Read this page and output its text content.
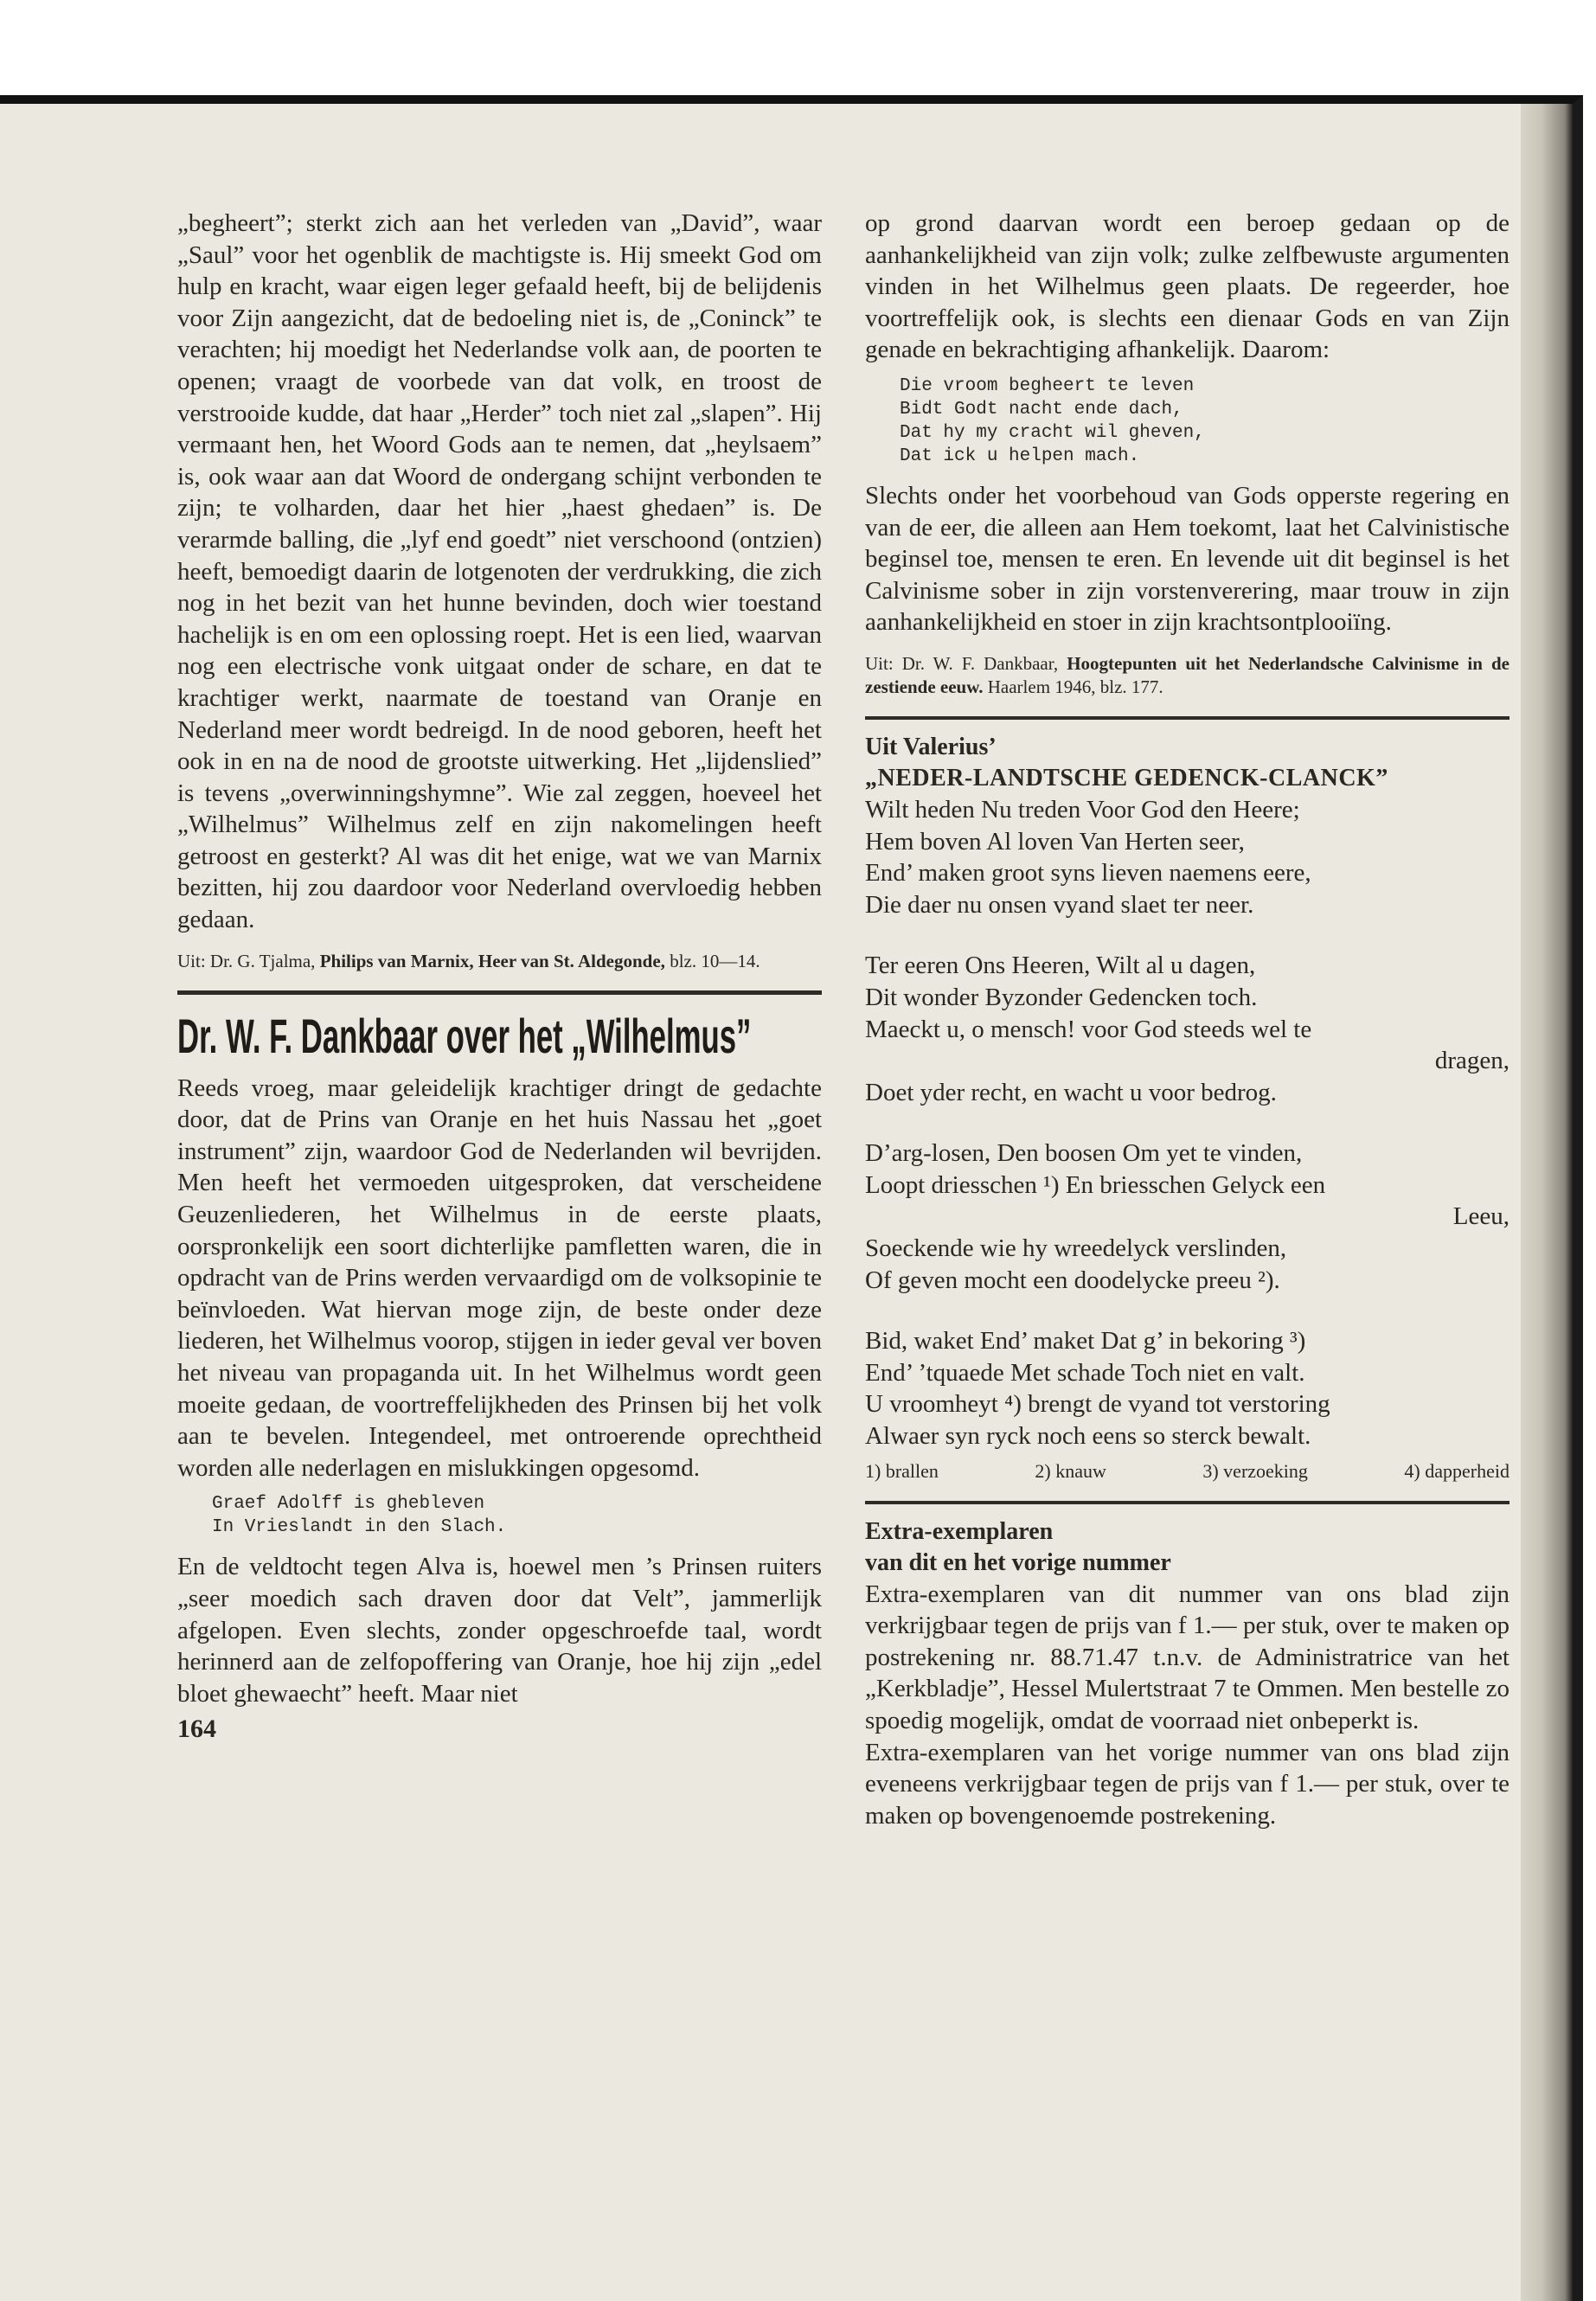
„begheert”; sterkt zich aan het verleden van „David”, waar „Saul” voor het ogenblik de machtigste is. Hij smeekt God om hulp en kracht, waar eigen leger gefaald heeft, bij de belijdenis voor Zijn aangezicht, dat de bedoeling niet is, de „Coninck” te verachten; hij moedigt het Nederlandse volk aan, de poorten te openen; vraagt de voorbede van dat volk, en troost de verstrooide kudde, dat haar „Herder” toch niet zal „slapen”. Hij vermaant hen, het Woord Gods aan te nemen, dat „heylsaem” is, ook waar aan dat Woord de ondergang schijnt verbonden te zijn; te volharden, daar het hier „haest ghedaen” is. De verarmde balling, die „lyf end goedt” niet verschoond (ontzien) heeft, bemoedigt daarin de lotgenoten der verdrukking, die zich nog in het bezit van het hunne bevinden, doch wier toestand hachelijk is en om een oplossing roept. Het is een lied, waarvan nog een electrische vonk uitgaat onder de schare, en dat te krachtiger werkt, naarmate de toestand van Oranje en Nederland meer wordt bedreigd. In de nood geboren, heeft het ook in en na de nood de grootste uitwerking. Het „lijdenslied” is tevens „overwinningshymne”. Wie zal zeggen, hoeveel het „Wilhelmus” Wilhelmus zelf en zijn nakomelingen heeft getroost en gesterkt? Al was dit het enige, wat we van Marnix bezitten, hij zou daardoor voor Nederland overvloedig hebben gedaan.

Uit: Dr. G. Tjalma, Philips van Marnix, Heer van St. Aldegonde, blz. 10—14.
Dr. W. F. Dankbaar over het „Wilhelmus”

Reeds vroeg, maar geleidelijk krachtiger dringt de gedachte door, dat de Prins van Oranje en het huis Nassau het „goet instrument” zijn, waardoor God de Nederlanden wil bevrijden. Men heeft het vermoeden uitgesproken, dat verscheidene Geuzenliederen, het Wilhelmus in de eerste plaats, oorspronkelijk een soort dichterlijke pamfletten waren, die in opdracht van de Prins werden vervaardigd om de volksopinie te beïnvloeden. Wat hiervan moge zijn, de beste onder deze liederen, het Wilhelmus voorop, stijgen in ieder geval ver boven het niveau van propaganda uit. In het Wilhelmus wordt geen moeite gedaan, de voortreffelijkheden des Prinsen bij het volk aan te bevelen. Integendeel, met ontroerende oprechtheid worden alle nederlagen en mislukkingen opgesomd.

Graef Adolff is ghebleven
In Vrieslandt in den Slach.

En de veldtocht tegen Alva is, hoewel men ’s Prinsen ruiters „seer moedich sach draven door dat Velt”, jammerlijk afgelopen. Even slechts, zonder opgeschroefde taal, wordt herinnerd aan de zelfopoffering van Oranje, hoe hij zijn „edel bloet ghewaecht” heeft. Maar niet

164

op grond daarvan wordt een beroep gedaan op de aanhankelijkheid van zijn volk; zulke zelfbewuste argumenten vinden in het Wilhelmus geen plaats. De regeerder, hoe voortreffelijk ook, is slechts een dienaar Gods en van Zijn genade en bekrachtiging afhankelijk. Daarom:

Die vroom begheert te leven
Bidt Godt nacht ende dach,
Dat hy my cracht wil gheven,
Dat ick u helpen mach.

Slechts onder het voorbehoud van Gods opperste regering en van de eer, die alleen aan Hem toekomt, laat het Calvinistische beginsel toe, mensen te eren. En levende uit dit beginsel is het Calvinisme sober in zijn vorstenverering, maar trouw in zijn aanhankelijkheid en stoer in zijn krachtsontplooiïng.

Uit: Dr. W. F. Dankbaar, Hoogtepunten uit het Nederlandsche Calvinisme in de zestiende eeuw. Haarlem 1946, blz. 177.
Uit Valerius’
„NEDER-LANDTSCHE GEDENCK-CLANCK”
Wilt heden Nu treden Voor God den Heere;
Hem boven Al loven Van Herten seer,
End’ maken groot syns lieven naemens eere,
Die daer nu onsen vyand slaet ter neer.
Ter eeren Ons Heeren, Wilt al u dagen,
Dit wonder Byzonder Gedencken toch.
Maeckt u, o mensch! voor God steeds wel te
dragen,
Doet yder recht, en wacht u voor bedrog.
D’arg-losen, Den boosen Om yet te vinden,
Loopt driesschen ¹) En briesschen Gelyck een
Leeu,
Soeckende wie hy wreedelyck verslinden,
Of geven mocht een doodelycke preeu ²).
Bid, waket End’ maket Dat g’ in bekoring ³)
End’ ’tquaede Met schade Toch niet en valt.
U vroomheyt ⁴) brengt de vyand tot verstoring
Alwaer syn ryck noch eens so sterck bewalt.
1) brallen	2) knauw	3) verzoeking	4) dapperheid
Extra-exemplaren
van dit en het vorige nummer

Extra-exemplaren van dit nummer van ons blad zijn verkrijgbaar tegen de prijs van f 1.— per stuk, over te maken op postrekening nr. 88.71.47 t.n.v. de Administratrice van het „Kerkbladje”, Hessel Mulertstraat 7 te Ommen. Men bestelle zo spoedig mogelijk, omdat de voorraad niet onbeperkt is.

Extra-exemplaren van het vorige nummer van ons blad zijn eveneens verkrijgbaar tegen de prijs van f 1.— per stuk, over te maken op bovengenoemde postrekening.
